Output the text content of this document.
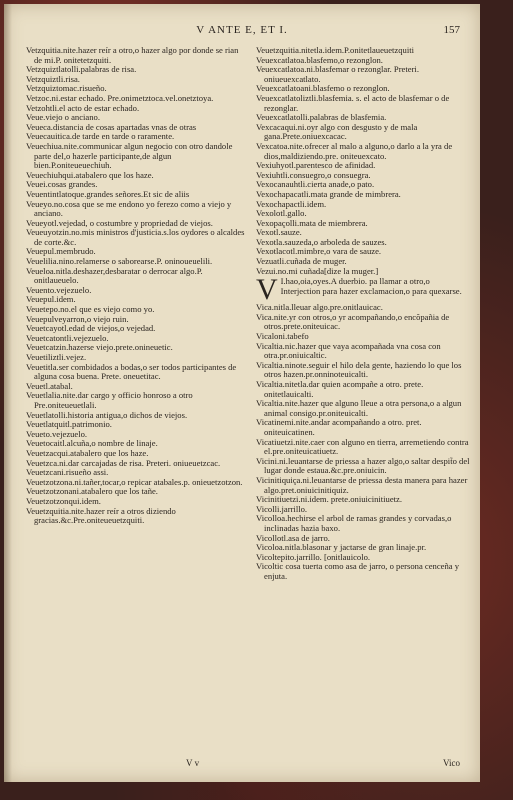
V ANTE E, ET I.	157

Vetzquitia.nite.hazer reír a otro,o hazer algo por donde se rian de mi.P. onitetetzquiti.

Vetzquiztlatolli.palabras de risa.

Vetzquiztli.risa.

Vetzquiztomac.risueño.

Vetzoc.ni.estar echado. Pre.onimetztoca.vel.onetztoya.

Vetzohtli.el acto de estar echado.

Veue.viejo o anciano.

Veueca.distancia de cosas apartadas vnas de otras

Veuecauitica.de tarde en tarde o raramente.

Veuechiua.nite.communicar algun negocio con otro dandole parte del,o hazerle participante,de algun bien.P.oniteueuechiuh.

Veuechiuhqui.atabalero que los haze.

Veuei.cosas grandes.

Veuentintlatoque.grandes señores.Et sic de aliis

Veueyo.no.cosa que se me endono yo ferezo como a viejo y anciano.

Veueyotl.vejedad, o costumbre y propriedad de viejos.

Veueuyotzin.no.mis ministros d'justicia.s.los oydores o alcaldes de corte.&c.

Veuepul.membrudo.

Veuelilia.nino.relamerse o saborearse.P. oninoueuelili.

Veueloa.nitla.deshazer,desbaratar o derrocar algo.P. onitlaueuelo.

Veuento.vejezuelo.

Veuepul.idem.

Veuetepo.no.el que es viejo como yo.

Veuepulveyarron,o viejo ruin.

Veuetcayotl.edad de viejos,o vejedad.

Veuetcatontli.vejezuelo.

Veuetcatzin.hazerse viejo.prete.onineuetic.

Veuetiliztli.vejez.

Veuetitla.ser combidados a bodas,o ser todos participantes de alguna cosa buena. Prete. oneuetitac.

Veuetl.atabal.

Veuetlalia.nite.dar cargo y officio honroso a otro Pre.oniteueuetlali.

Veuetlatolli.historia antigua,o dichos de viejos.

Veuetlatquitl.patrimonio.

Veueto.vejezuelo.

Veuetocaitl.alcuña,o nombre de linaje.

Veuetzacqui.atabalero que los haze.

Veuetzca.ni.dar carcajadas de risa. Preteri. oniueuetzcac.

Veuetzcani.risueño assi.

Veuetzotzona.ni.tañer,tocar,o repicar atabales.p. onieuetzotzon.

Veuetzotzonani.atabalero que los tañe.

Veuetzotzonqui.idem.

Veuetzquitia.nite.hazer reír a otros diziendo gracias.&c.Pre.oniteueuetzquiti.

Veuetzquitia.nitetla.idem.P.onitetlaueuetzquiti

Veuexcatlatoa.blasfemo,o rezonglon.

Veuexcatlatoa.ni.blasfemar o rezonglar. Preteri. oniueuexcatlato.

Veuexcatlatoani.blasfemo o rezonglon.

Veuexcatlatoliztli.blasfemia. s. el acto de blasfemar o de rezonglar.

Veuexcatlatolli.palabras de blasfemia.

Vexcacaqui.ni.oyr algo con desgusto y de mala gana.Prete.oniuexcacac.

Vexcatoa.nite.ofrecer al malo a alguno,o darlo a la yra de dios,maldiziendo.pre. oniteuexcato.

Vexiuhyotl.parentesco de afinidad.

Vexiuhtli.consuegro,o consuegra.

Vexocanauhtli.cierta anade,o pato.

Vexochapacatli.mata grande de mimbrera.

Vexochapactli.idem.

Vexolotl.gallo.

Vexopaçolli.mata de miembrera.

Vexotl.sauze.

Vexotla.sauzeda,o arboleda de sauzes.

Vexotlacotl.mimbre,o vara de sauze.

Vezuatli.cuñada de muger.

Vezui.no.mi cuñada[dize la muger.]

V I.hao,oia,oyes.A duerbio. pa llamar a otro,o Interjection para hazer exclamacion,o para quexarse.

Vica.nitla.lleuar algo.pre.onitlauicac.

Vica.nite.yr con otros,o yr acompañando,o encõpañia de otros.prete.oniteuicac.

Vicaloni.tabefo

Vicaltia.nic.hazer que vaya acompañada vna cosa con otra.pr.oniuicaltic.

Vicaltia.ninote.seguir el hilo dela gente, haziendo lo que los otros hazen.pr.onninoteuicalti.

Vicaltia.nitetla.dar quien acompañe a otro. prete. onitetlauicalti.

Vicaltia.nite.hazer que alguno lleue a otra persona,o a algun animal consigo.pr.oniteuicalti.

Vicatinemi.nite.andar acompañando a otro. pret. oniteuicatinen.

Vicatiuetzi.nite.caer con alguno en tierra, arremetiendo contra el.pre.oniteuicatiuetz.

Vicini.ni.leuantarse de priessa a hazer algo,o saltar despit̃o del lugar donde estaua.&c.pre.oniuicin.

Vicinitiquiça.ni.leuantarse de priessa desta manera para hazer algo.pret.oniuicinitiquiz.

Vicinitiuetzi.ni.idem. prete.oniuicinitiuetz.

Vicolli.jarrillo.

Vicolloa.hechirse el arbol de ramas grandes y corvadas,o inclinadas hazia baxo.

Vicollotl.asa de jarro.

Vicoloa.nitla.blasonar y jactarse de gran linaje.pr.

Vicoltepito.jarrillo. [onitlauicolo.

Vicoltic cosa tuerta como asa de jarro, o persona cenceña y enjuta.

V v	Vico
